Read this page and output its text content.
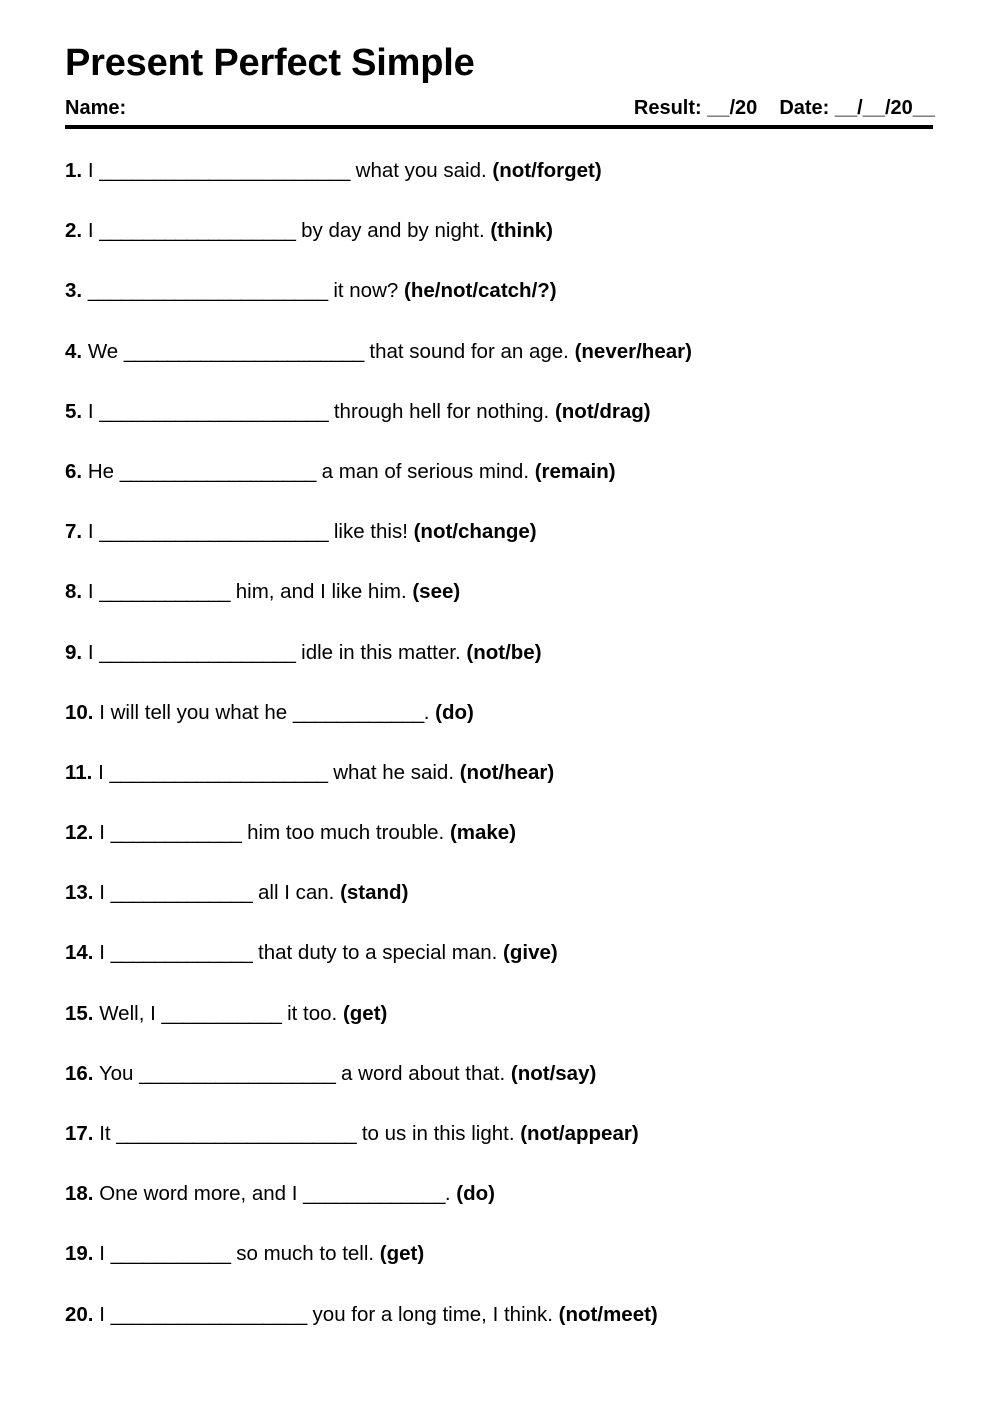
Present Perfect Simple
Name:	Result: __/20 Date: __/__/20__
1. I _______________________ what you said. (not/forget)
2. I __________________ by day and by night. (think)
3. ______________________ it now? (he/not/catch/?)
4. We ______________________ that sound for an age. (never/hear)
5. I _____________________ through hell for nothing. (not/drag)
6. He __________________ a man of serious mind. (remain)
7. I _____________________ like this! (not/change)
8. I ____________ him, and I like him. (see)
9. I __________________ idle in this matter. (not/be)
10. I will tell you what he ____________. (do)
11. I ____________________ what he said. (not/hear)
12. I ____________ him too much trouble. (make)
13. I _____________ all I can. (stand)
14. I _____________ that duty to a special man. (give)
15. Well, I ___________ it too. (get)
16. You __________________ a word about that. (not/say)
17. It ______________________ to us in this light. (not/appear)
18. One word more, and I _____________. (do)
19. I ___________ so much to tell. (get)
20. I __________________ you for a long time, I think. (not/meet)
